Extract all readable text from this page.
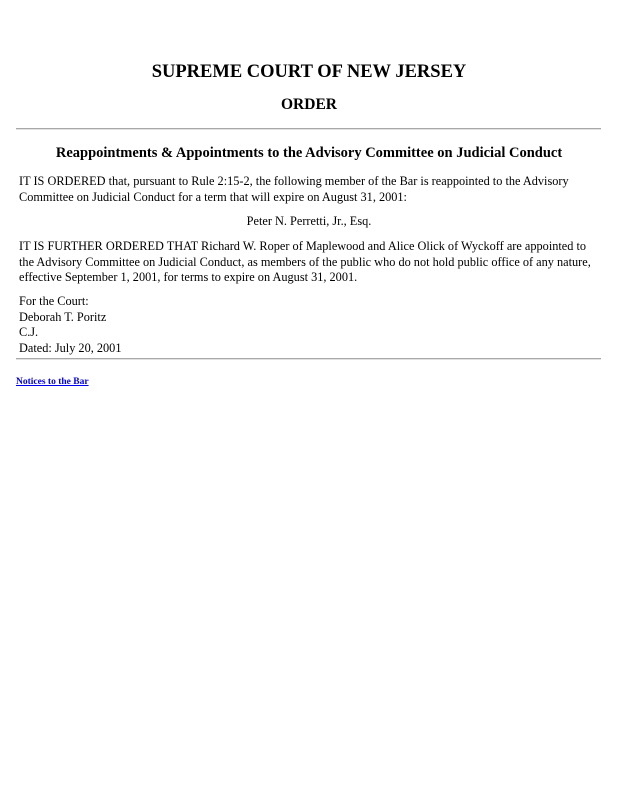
SUPREME COURT OF NEW JERSEY
ORDER
Reappointments & Appointments to the Advisory Committee on Judicial Conduct

IT IS ORDERED that, pursuant to Rule 2:15-2, the following member of the Bar is reappointed to the Advisory Committee on Judicial Conduct for a term that will expire on August 31, 2001:

Peter N. Perretti, Jr., Esq.

IT IS FURTHER ORDERED THAT Richard W. Roper of Maplewood and Alice Olick of Wyckoff are appointed to the Advisory Committee on Judicial Conduct, as members of the public who do not hold public office of any nature, effective September 1, 2001, for terms to expire on August 31, 2001.

For the Court:
Deborah T. Poritz
C.J.
Dated: July 20, 2001
Notices to the Bar
